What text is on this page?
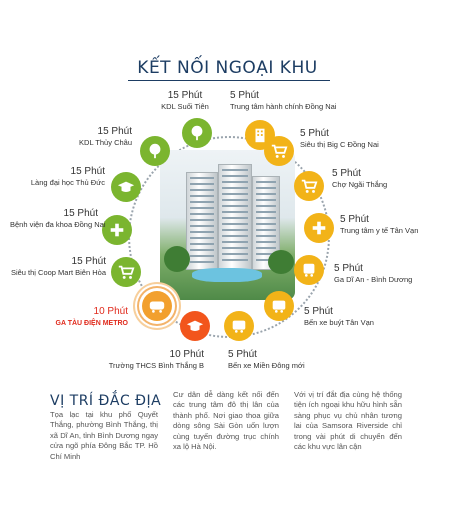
KẾT NỐI NGOẠI KHU
15 Phút
KDL Suối Tiên
5 Phút
Trung tâm hành chính Đồng Nai
15 Phút
KDL Thủy Châu
5 Phút
Siêu thị Big C Đồng Nai
15 Phút
Làng đại học Thủ Đức
5 Phút
Chợ Ngãi Thắng
15 Phút
Bệnh viện đa khoa Đồng Nai	5 Phút
Trung tâm y tế Tân Vạn
15 Phút
Siêu thị Coop Mart Biên Hòa	5 Phút
Ga Dĩ An - Bình Dương
10 Phút
GA TÀU ĐIỆN METRO
5 Phút
Bến xe buýt Tân Vạn
10 Phút
Trường THCS Bình Thắng B
5 Phút
Bến xe Miền Đông mới
VỊ TRÍ ĐẮC ĐỊA
Tọa lạc tại khu phố Quyết Thắng, phường Bình Thắng, thị xã Dĩ An, tỉnh Bình Dương ngay cửa ngõ phía Đông Bắc TP. Hồ Chí Minh
Cư dân dễ dàng kết nối đến các trung tâm đô thị lân của thành phố. Nơi giao thoa giữa dòng sông Sài Gòn uốn lượn cùng tuyến đường trục chính xa lộ Hà Nội.
Với vị trí đắt địa cùng hệ thống tiện ích ngoại khu hữu hình sẵn sàng phục vụ chủ nhân tương lai của Samsora Riverside chỉ trong vài phút di chuyển đến các khu vực lân cận
